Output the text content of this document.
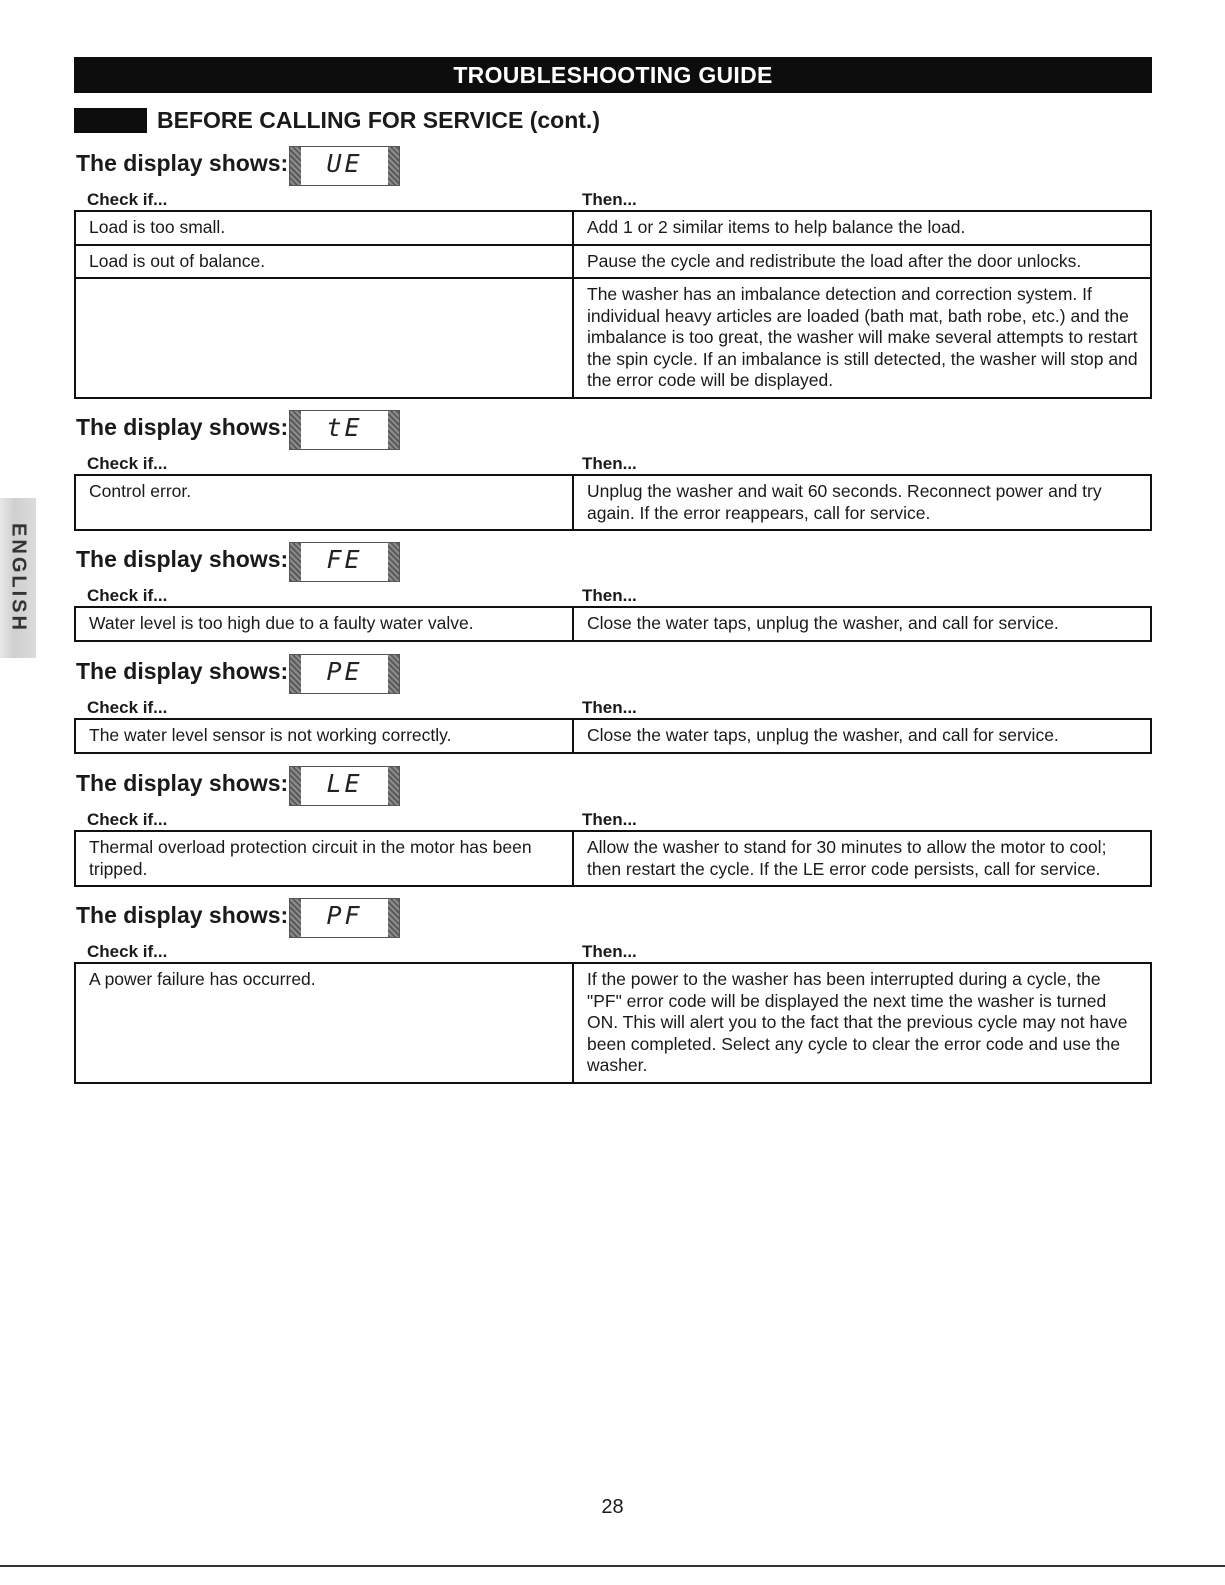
TROUBLESHOOTING GUIDE
BEFORE CALLING FOR SERVICE (cont.)
ENGLISH
The display shows:	UE
Check if...	Then...
Load is too small.	Add 1 or 2 similar items to help balance the load.
Load is out of balance.	Pause the cycle and redistribute the load after the door unlocks.
	The washer has an imbalance detection and correction system. If individual heavy articles are loaded (bath mat, bath robe, etc.) and the imbalance is too great, the washer will make several attempts to restart the spin cycle. If an imbalance is still detected, the washer will stop and the error code will be displayed.
The display shows:	tE
Check if...	Then...
Control error.	Unplug the washer and wait 60 seconds. Reconnect power and try again. If the error reappears, call for service.
The display shows:	FE
Check if...	Then...
Water level is too high due to a faulty water valve.	Close the water taps, unplug the washer, and call for service.
The display shows:	PE
Check if...	Then...
The water level sensor is not working correctly.	Close the water taps, unplug the washer, and call for service.
The display shows:	LE
Check if...	Then...
Thermal overload protection circuit in the motor has been tripped.	Allow the washer to stand for 30 minutes to allow the motor to cool; then restart the cycle. If the LE error code persists, call for service.
The display shows:	PF
Check if...	Then...
A power failure has occurred.	If the power to the washer has been interrupted during a cycle, the "PF" error code will be displayed the next time the washer is turned ON. This will alert you to the fact that the previous cycle may not have been completed. Select any cycle to clear the error code and use the washer.
28
